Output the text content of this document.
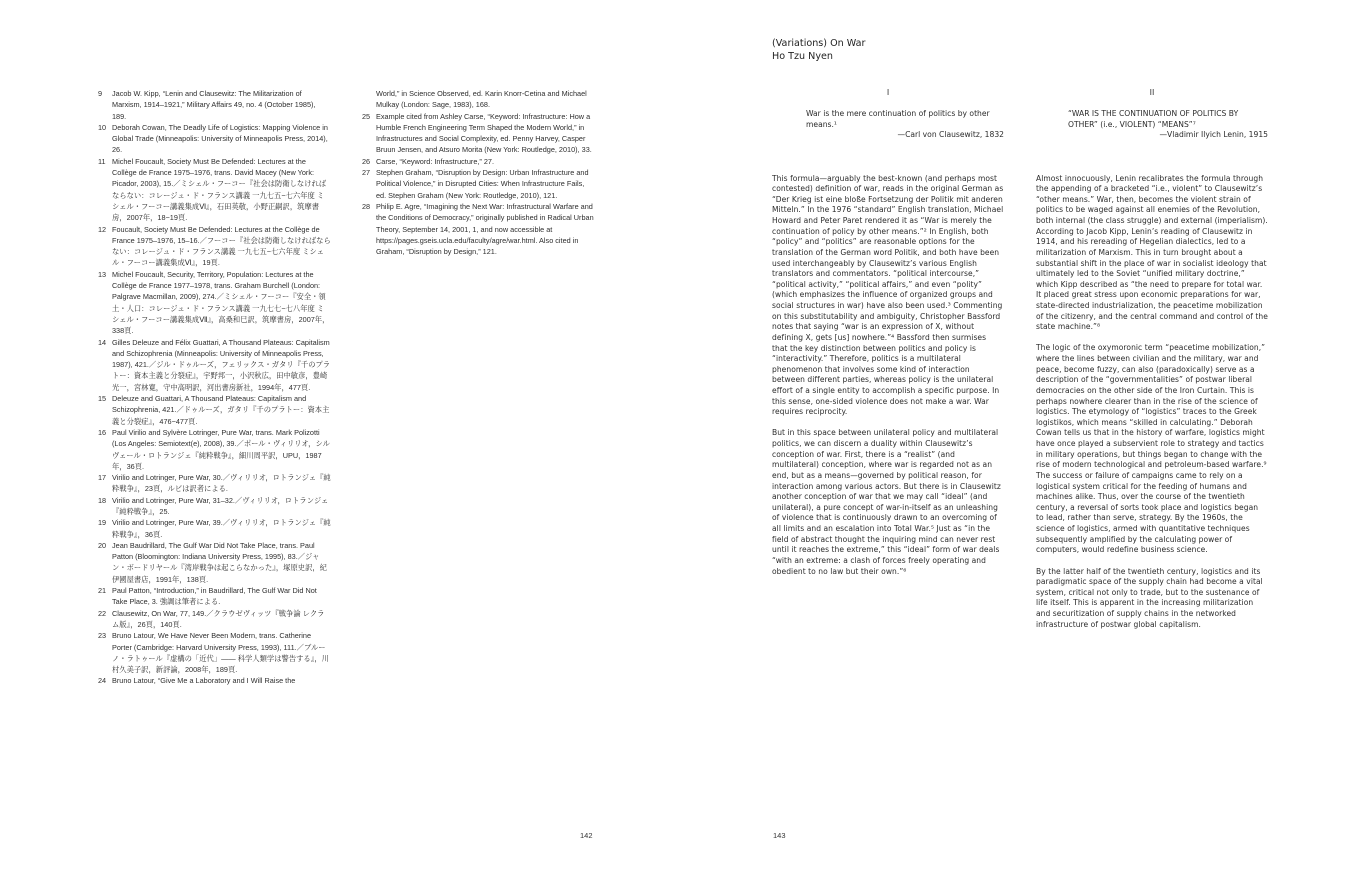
9	Jacob W. Kipp, “Lenin and Clausewitz: The Militarization of Marxism, 1914–1921,” Military Affairs 49, no. 4 (October 1985), 189.
10 Deborah Cowan, The Deadly Life of Logistics: Mapping Violence in Global Trade (Minneapolis: University of Minneapolis Press, 2014), 26.
11 Michel Foucault, Society Must Be Defended: Lectures at the Collège de France 1975–1976, trans. David Macey (New York: Picador, 2003), 15.／ミシェル・フーコー『社会は防衛しなければならない：コレージュ・ド・フランス講義 一九七五−七六年度 ミシェル・フーコー講義集成Ⅵ』，石田英敬，小野正嗣訳，筑摩書房，2007年，18−19頁.
12 Foucault, Society Must Be Defended: Lectures at the Collège de France 1975–1976, 15–16.／フーコー『社会は防衛しなければならない：コレージュ・ド・フランス講義 一九七五−七六年度 ミシェル・フーコー講義集成Ⅵ』，19頁.
13 Michel Foucault, Security, Territory, Population: Lectures at the Collège de France 1977–1978, trans. Graham Burchell (London: Palgrave Macmillan, 2009), 274.／ミシェル・フーコー『安全・領土・人口：コレージュ・ド・フランス講義 一九七七−七八年度 ミシェル・フーコー講義集成Ⅶ』，高桑和巳訳，筑摩書房，2007年，338頁.
14 Gilles Deleuze and Félix Guattari, A Thousand Plateaus: Capitalism and Schizophrenia (Minneapolis: University of Minneapolis Press, 1987), 421.／ジル・ドゥルーズ，フェリックス・ガタリ『千のプラトー：資本主義と分裂症』，宇野邦一，小沢秋広，田中敏彦，豊崎光一，宮林寛，守中高明訳，河出書房新社，1994年，477頁.
15 Deleuze and Guattari, A Thousand Plateaus: Capitalism and Schizophrenia, 421.／ドゥルーズ，ガタリ『千のプラトー：資本主義と分裂症』，476−477頁.
16 Paul Virilio and Sylvère Lotringer, Pure War, trans. Mark Polizotti (Los Angeles: Semiotext(e), 2008), 39.／ポール・ヴィリリオ，シルヴェール・ロトランジェ『純粋戦争』，細川周平訳，UPU，1987年，36頁.
17 Virilio and Lotringer, Pure War, 30.／ヴィリリオ，ロトランジェ『純粋戦争』，23頁，ルビは訳者による.
18 Virilio and Lotringer, Pure War, 31–32.／ヴィリリオ，ロトランジェ『純粋戦争』，25.
19 Virilio and Lotringer, Pure War, 39.／ヴィリリオ，ロトランジェ『純粋戦争』，36頁.
20 Jean Baudrillard, The Gulf War Did Not Take Place, trans. Paul Patton (Bloomington: Indiana University Press, 1995), 83.／ジャン・ボードリヤール『湾岸戦争は起こらなかった』，塚原史訳，紀伊國屋書店，1991年，138頁.
21 Paul Patton, “Introduction,” in Baudrillard, The Gulf War Did Not Take Place, 3. 強調は筆者による.
22 Clausewitz, On War, 77, 149.／クラウゼヴィッツ『戦争論 レクラム版』，26頁，140頁.
23 Bruno Latour, We Have Never Been Modern, trans. Catherine Porter (Cambridge: Harvard University Press, 1993), 111.／ブルーノ・ラトゥール『虚構の「近代」―― 科学人類学は警告する』，川村久美子訳，新評論，2008年，189頁.
24 Bruno Latour, “Give Me a Laboratory and I Will Raise the
World,” in Science Observed, ed. Karin Knorr-Cetina and Michael Mulkay (London: Sage, 1983), 168.
25 Example cited from Ashley Carse, “Keyword: Infrastructure: How a Humble French Engineering Term Shaped the Modern World,” in Infrastructures and Social Complexity, ed. Penny Harvey, Casper Bruun Jensen, and Atsuro Morita (New York: Routledge, 2010), 33.
26 Carse, “Keyword: Infrastructure,” 27.
27 Stephen Graham, “Disruption by Design: Urban Infrastructure and Political Violence,” in Disrupted Cities: When Infrastructure Fails, ed. Stephen Graham (New York: Routledge, 2010), 121.
28 Philip E. Agre, “Imagining the Next War: Infrastructural Warfare and the Conditions of Democracy,” originally published in Radical Urban Theory, September 14, 2001, 1, and now accessible at https://pages.gseis.ucla.edu/faculty/agre/war.html. Also cited in Graham, “Disruption by Design,” 121.
142
(Variations) On War
Ho Tzu Nyen
I
War is the mere continuation of politics by other means.¹
—Carl von Clausewitz, 1832

This formula—arguably the best-known (and perhaps most contested) definition of war, reads in the original German as “Der Krieg ist eine bloße Fortsetzung der Politik mit anderen Mitteln.” In the 1976 “standard” English translation, Michael Howard and Peter Paret rendered it as “War is merely the continuation of policy by other means.”² In English, both “policy” and “politics” are reasonable options for the translation of the German word Politik, and both have been used interchangeably by Clausewitz’s various English translators and commentators. “political intercourse,” “political activity,” “political affairs,” and even “polity” (which emphasizes the influence of organized groups and social structures in war) have also been used.³ Commenting on this substitutability and ambiguity, Christopher Bassford notes that saying “war is an expression of X, without defining X, gets [us] nowhere.”⁴ Bassford then surmises that the key distinction between politics and policy is “interactivity.” Therefore, politics is a multilateral phenomenon that involves some kind of interaction between different parties, whereas policy is the unilateral effort of a single entity to accomplish a specific purpose. In this sense, one-sided violence does not make a war. War requires reciprocity.

But in this space between unilateral policy and multilateral politics, we can discern a duality within Clausewitz’s conception of war. First, there is a “realist” (and multilateral) conception, where war is regarded not as an end, but as a means—governed by political reason, for interaction among various actors. But there is in Clausewitz another conception of war that we may call “ideal” (and unilateral), a pure concept of war-in-itself as an unleashing of violence that is continuously drawn to an overcoming of all limits and an escalation into Total War.⁵ Just as “in the field of abstract thought the inquiring mind can never rest until it reaches the extreme,” this “ideal” form of war deals “with an extreme: a clash of forces freely operating and obedient to no law but their own.”⁶

II
“WAR IS THE CONTINUATION OF POLITICS BY OTHER” (i.e., VIOLENT) “MEANS”⁷
—Vladimir Ilyich Lenin, 1915

Almost innocuously, Lenin recalibrates the formula through the appending of a bracketed “i.e., violent” to Clausewitz’s “other means.” War, then, becomes the violent strain of politics to be waged against all enemies of the Revolution, both internal (the class struggle) and external (imperialism). According to Jacob Kipp, Lenin’s reading of Clausewitz in 1914, and his rereading of Hegelian dialectics, led to a militarization of Marxism. This in turn brought about a substantial shift in the place of war in socialist ideology that ultimately led to the Soviet “unified military doctrine,” which Kipp described as “the need to prepare for total war. It placed great stress upon economic preparations for war, state-directed industrialization, the peacetime mobilization of the citizenry, and the central command and control of the state machine.”⁸

The logic of the oxymoronic term “peacetime mobilization,” where the lines between civilian and the military, war and peace, become fuzzy, can also (paradoxically) serve as a description of the “governmentalities” of postwar liberal democracies on the other side of the Iron Curtain. This is perhaps nowhere clearer than in the rise of the science of logistics. The etymology of “logistics” traces to the Greek logistikos, which means “skilled in calculating.” Deborah Cowan tells us that in the history of warfare, logistics might have once played a subservient role to strategy and tactics in military operations, but things began to change with the rise of modern technological and petroleum-based warfare.⁹ The success or failure of campaigns came to rely on a logistical system critical for the feeding of humans and machines alike. Thus, over the course of the twentieth century, a reversal of sorts took place and logistics began to lead, rather than serve, strategy. By the 1960s, the science of logistics, armed with quantitative techniques subsequently amplified by the calculating power of computers, would redefine business science.

By the latter half of the twentieth century, logistics and its paradigmatic space of the supply chain had become a vital system, critical not only to trade, but to the sustenance of life itself. This is apparent in the increasing militarization and securitization of supply chains in the networked infrastructure of postwar global capitalism.

143
